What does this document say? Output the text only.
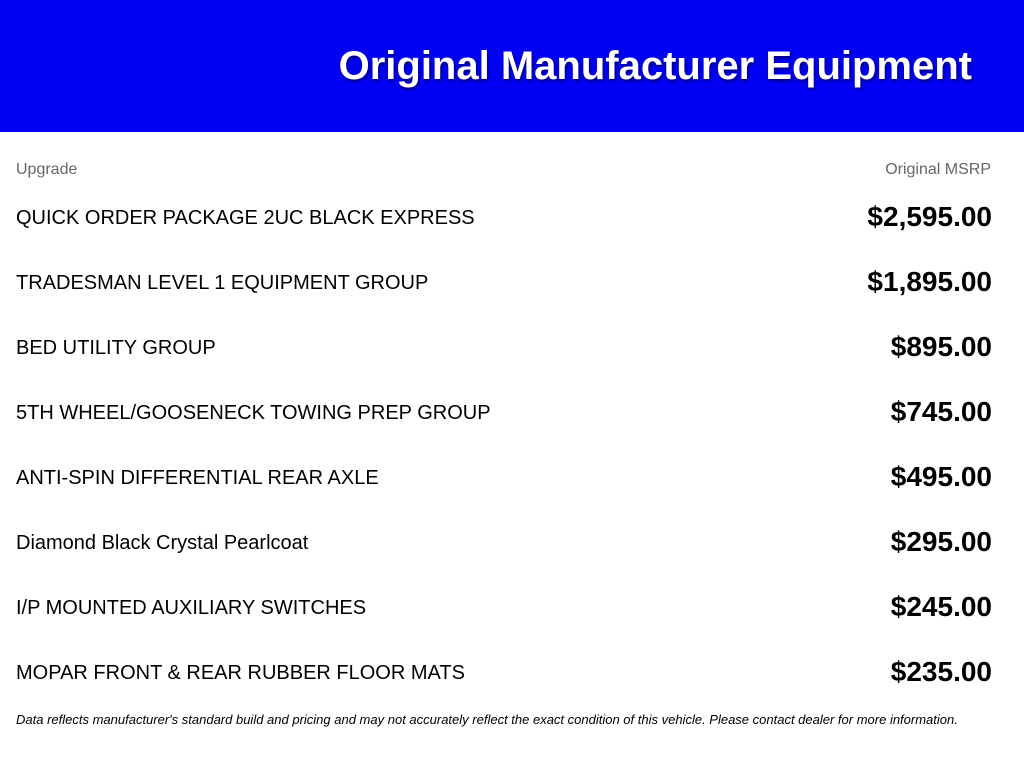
Original Manufacturer Equipment
Upgrade	Original MSRP
QUICK ORDER PACKAGE 2UC BLACK EXPRESS	$2,595.00
TRADESMAN LEVEL 1 EQUIPMENT GROUP	$1,895.00
BED UTILITY GROUP	$895.00
5TH WHEEL/GOOSENECK TOWING PREP GROUP	$745.00
ANTI-SPIN DIFFERENTIAL REAR AXLE	$495.00
Diamond Black Crystal Pearlcoat	$295.00
I/P MOUNTED AUXILIARY SWITCHES	$245.00
MOPAR FRONT & REAR RUBBER FLOOR MATS	$235.00
Data reflects manufacturer's standard build and pricing and may not accurately reflect the exact condition of this vehicle. Please contact dealer for more information.
